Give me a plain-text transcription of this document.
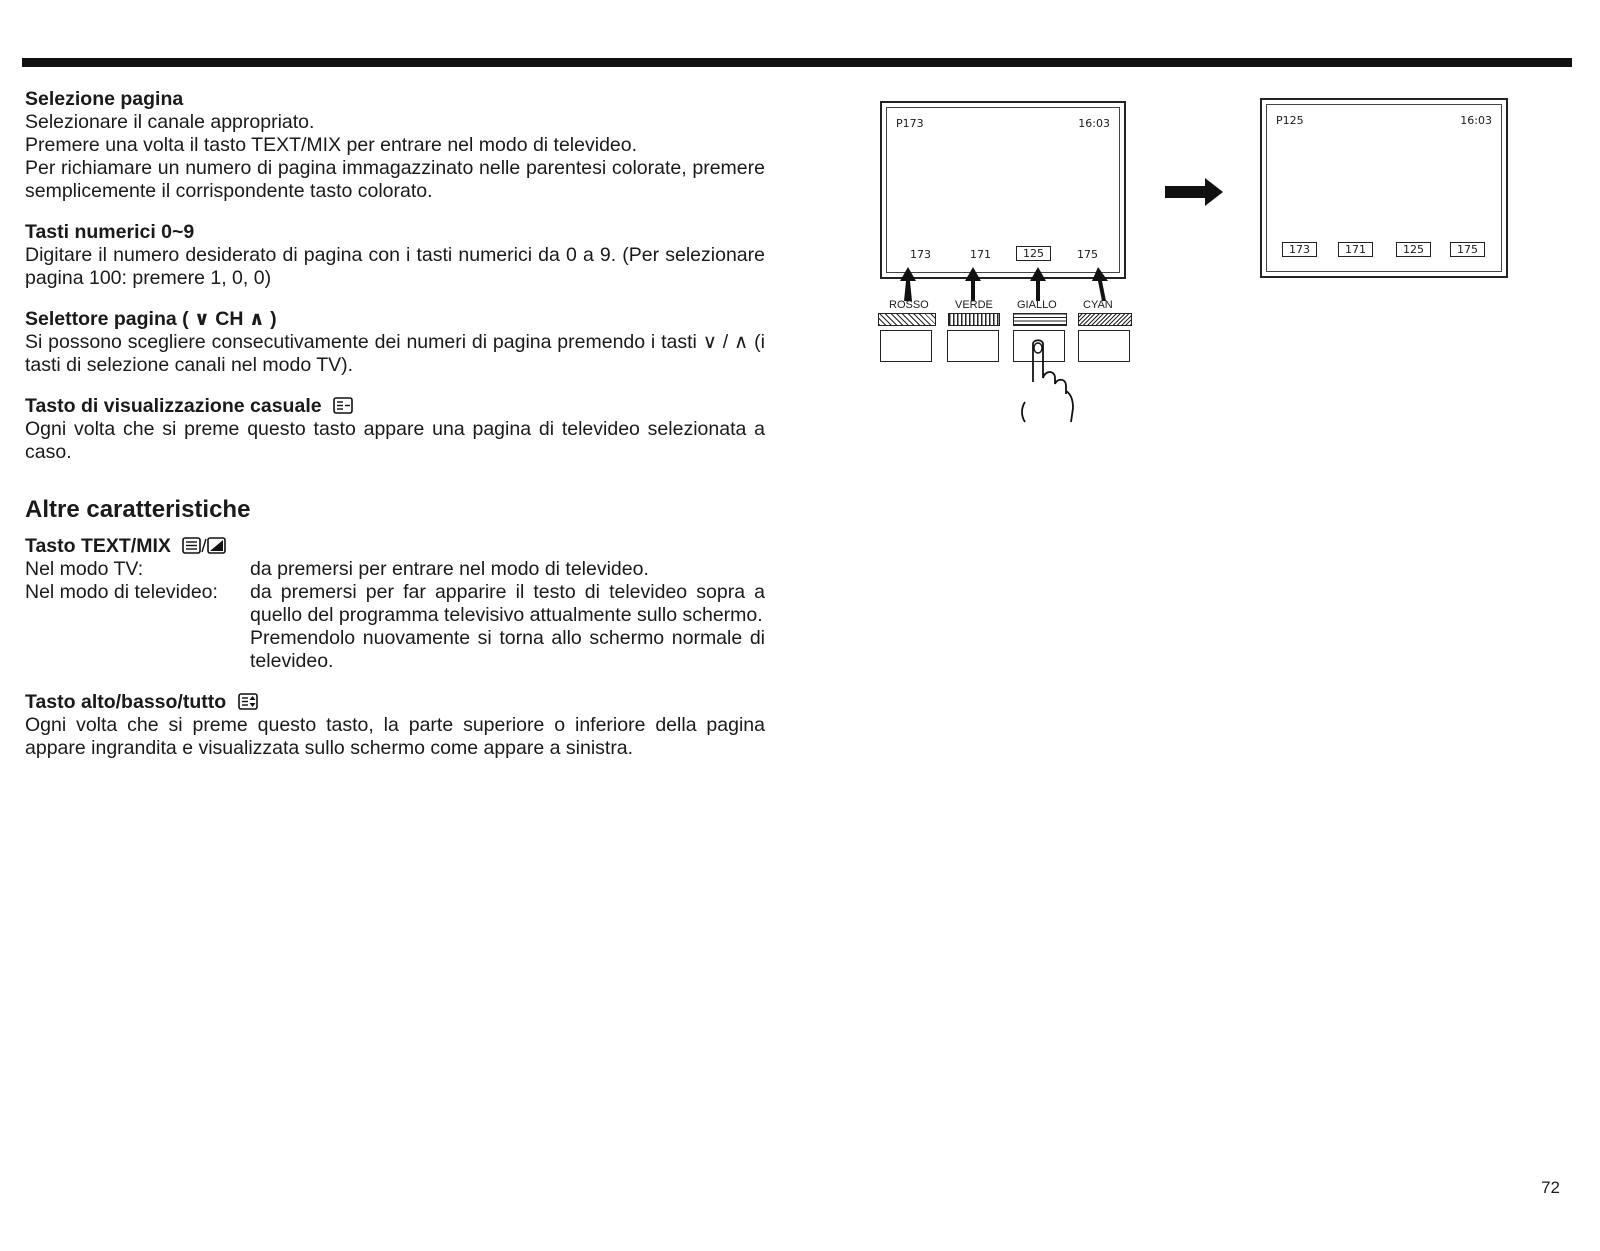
Selezione pagina
Selezionare il canale appropriato.
Premere una volta il tasto TEXT/MIX per entrare nel modo di televideo.
Per richiamare un numero di pagina immagazzinato nelle parentesi colorate, premere semplicemente il corrispondente tasto colorato.
Tasti numerici 0~9
Digitare il numero desiderato di pagina con i tasti numerici da 0 a 9. (Per selezionare pagina 100: premere 1, 0, 0)
Selettore pagina ( ∨ CH ∧ )
Si possono scegliere consecutivamente dei numeri di pagina premendo i tasti ∨ / ∧ (i tasti di selezione canali nel modo TV).
Tasto di visualizzazione casuale
Ogni volta che si preme questo tasto appare una pagina di televideo selezionata a caso.
Altre caratteristiche
Tasto TEXT/MIX
Nel modo TV:	da premersi per entrare nel modo di televideo.
Nel modo di televideo:	da premersi per far apparire il testo di televideo sopra a quello del programma televisivo attualmente sullo schermo.
Premendolo nuovamente si torna allo schermo normale di televideo.
Tasto alto/basso/tutto
Ogni volta che si preme questo tasto, la parte superiore o inferiore della pagina appare ingrandita e visualizzata sullo schermo come appare a sinistra.
P173	16:03
173	171	125	175
ROSSO VERDE GIALLO CYAN
P125	16:03
173	171	125	175
72
